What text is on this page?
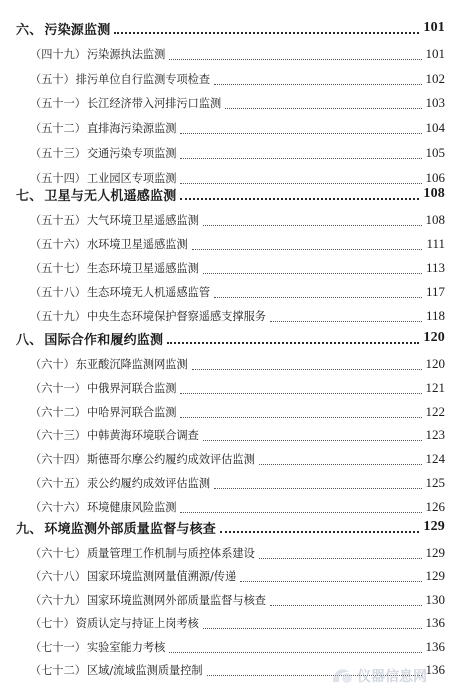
六、 污染源监测	101
（四十九） 污染源执法监测	101
（五十） 排污单位自行监测专项检查	102
（五十一） 长江经济带入河排污口监测	103
（五十二） 直排海污染源监测	104
（五十三） 交通污染专项监测	105
（五十四） 工业园区专项监测	106
七、 卫星与无人机遥感监测	108
（五十五） 大气环境卫星遥感监测	108
（五十六） 水环境卫星遥感监测	111
（五十七） 生态环境卫星遥感监测	113
（五十八） 生态环境无人机遥感监管	117
（五十九） 中央生态环境保护督察遥感支撑服务	118
八、 国际合作和履约监测	120
（六十） 东亚酸沉降监测网监测	120
（六十一） 中俄界河联合监测	121
（六十二） 中哈界河联合监测	122
（六十三） 中韩黄海环境联合调查	123
（六十四） 斯德哥尔摩公约履约成效评估监测	124
（六十五） 汞公约履约成效评估监测	125
（六十六） 环境健康风险监测	126
九、 环境监测外部质量监督与核查	129
（六十七） 质量管理工作机制与质控体系建设	129
（六十八） 国家环境监测网量值溯源/传递	129
（六十九） 国家环境监测网外部质量监督与核查	130
（七十） 资质认定与持证上岗考核	136
（七十一） 实验室能力考核	136
（七十二） 区域/流域监测质量控制	136
仪器信息网
